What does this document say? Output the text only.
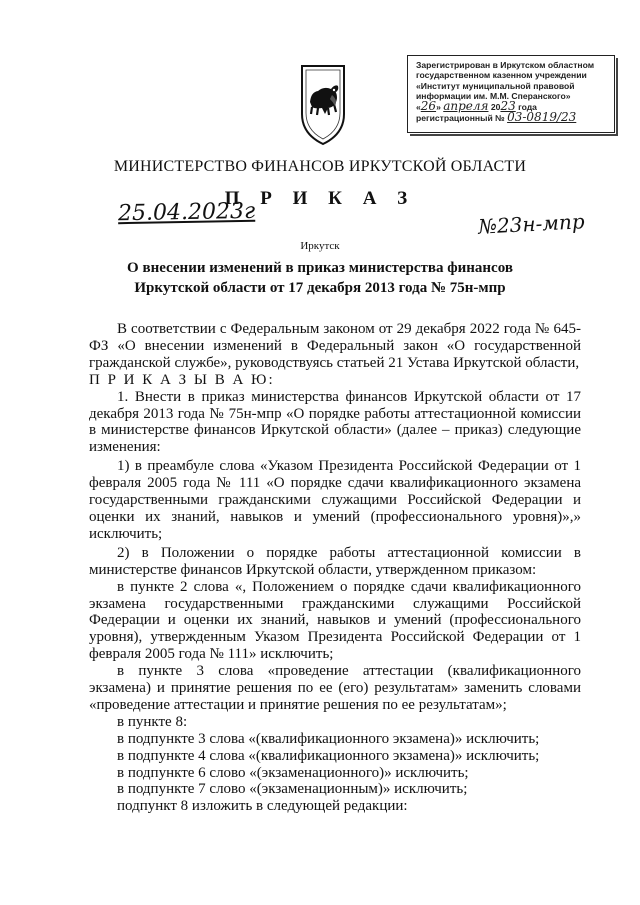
Зарегистрирован в Иркутском областном
государственном казенном учреждении
«Институт муниципальной правовой
информации им. М.М. Сперанского»
«26» апреля 2023 года
регистрационный № 03-0819/23
МИНИСТЕРСТВО ФИНАНСОВ ИРКУТСКОЙ ОБЛАСТИ
П Р И К А З
25.04.2023г	№23н-мпр
Иркутск
О внесении изменений в приказ министерства финансов Иркутской области от 17 декабря 2013 года № 75н-мпр

В соответствии с Федеральным законом от 29 декабря 2022 года № 645-ФЗ «О внесении изменений в Федеральный закон «О государственной гражданской службе», руководствуясь статьей 21 Устава Иркутской области,

П Р И К А З Ы В А Ю:

1. Внести в приказ министерства финансов Иркутской области от 17 декабря 2013 года № 75н-мпр «О порядке работы аттестационной комиссии в министерстве финансов Иркутской области» (далее – приказ) следующие изменения:

1) в преамбуле слова «Указом Президента Российской Федерации от 1 февраля 2005 года № 111 «О порядке сдачи квалификационного экзамена государственными гражданскими служащими Российской Федерации и оценки их знаний, навыков и умений (профессионального уровня)»,» исключить;

2) в Положении о порядке работы аттестационной комиссии в министерстве финансов Иркутской области, утвержденном приказом:

в пункте 2 слова «, Положением о порядке сдачи квалификационного экзамена государственными гражданскими служащими Российской Федерации и оценки их знаний, навыков и умений (профессионального уровня), утвержденным Указом Президента Российской Федерации от 1 февраля 2005 года № 111» исключить;

в пункте 3 слова «проведение аттестации (квалификационного экзамена) и принятие решения по ее (его) результатам» заменить словами «проведение аттестации и принятие решения по ее результатам»;

в пункте 8:

в подпункте 3 слова «(квалификационного экзамена)» исключить;

в подпункте 4 слова «(квалификационного экзамена)» исключить;

в подпункте 6 слово «(экзаменационного)» исключить;

в подпункте 7 слово «(экзаменационным)» исключить;

подпункт 8 изложить в следующей редакции:
